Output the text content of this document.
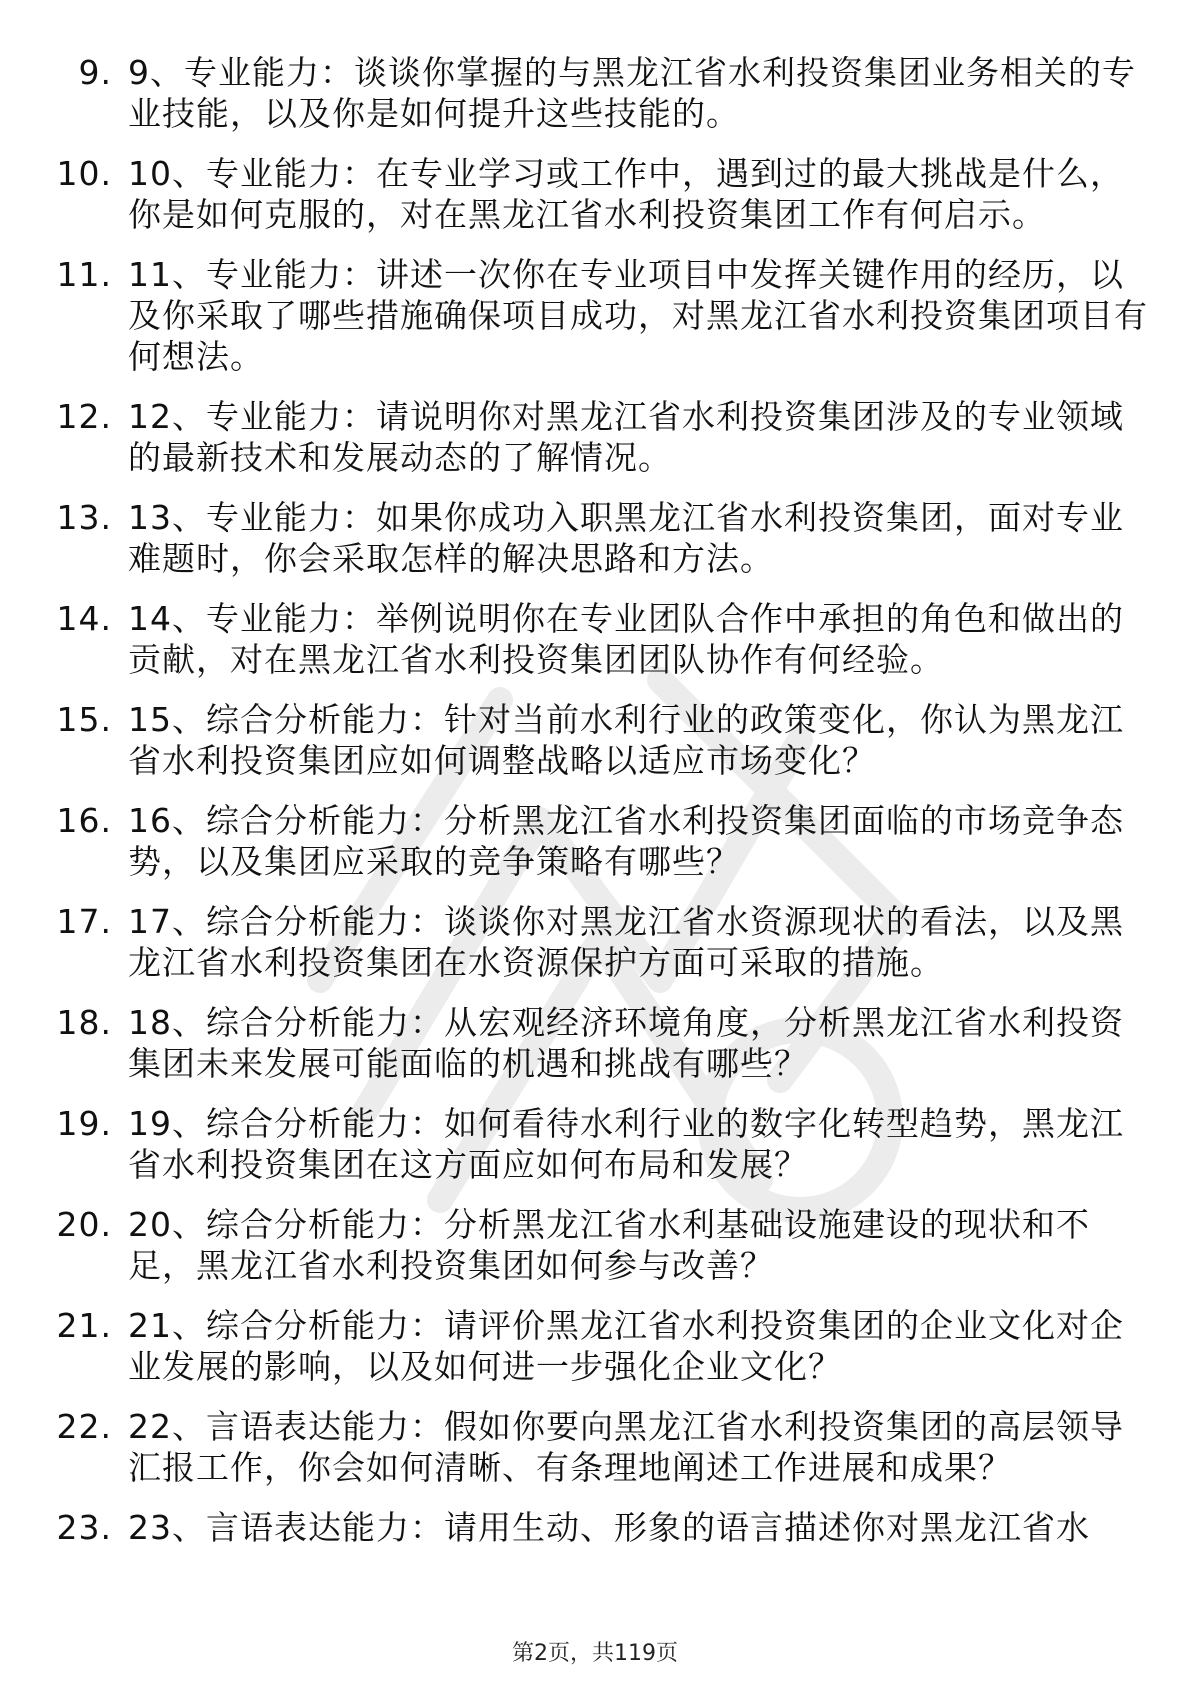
9. 9、专业能力：谈谈你掌握的与黑龙江省水利投资集团业务相关的专业技能，以及你是如何提升这些技能的。
10. 10、专业能力：在专业学习或工作中，遇到过的最大挑战是什么，你是如何克服的，对在黑龙江省水利投资集团工作有何启示。
11. 11、专业能力：讲述一次你在专业项目中发挥关键作用的经历，以及你采取了哪些措施确保项目成功，对黑龙江省水利投资集团项目有何想法。
12. 12、专业能力：请说明你对黑龙江省水利投资集团涉及的专业领域的最新技术和发展动态的了解情况。
13. 13、专业能力：如果你成功入职黑龙江省水利投资集团，面对专业难题时，你会采取怎样的解决思路和方法。
14. 14、专业能力：举例说明你在专业团队合作中承担的角色和做出的贡献，对在黑龙江省水利投资集团团队协作有何经验。
15. 15、综合分析能力：针对当前水利行业的政策变化，你认为黑龙江省水利投资集团应如何调整战略以适应市场变化？
16. 16、综合分析能力：分析黑龙江省水利投资集团面临的市场竞争态势，以及集团应采取的竞争策略有哪些？
17. 17、综合分析能力：谈谈你对黑龙江省水资源现状的看法，以及黑龙江省水利投资集团在水资源保护方面可采取的措施。
18. 18、综合分析能力：从宏观经济环境角度，分析黑龙江省水利投资集团未来发展可能面临的机遇和挑战有哪些？
19. 19、综合分析能力：如何看待水利行业的数字化转型趋势，黑龙江省水利投资集团在这方面应如何布局和发展？
20. 20、综合分析能力：分析黑龙江省水利基础设施建设的现状和不足，黑龙江省水利投资集团如何参与改善？
21. 21、综合分析能力：请评价黑龙江省水利投资集团的企业文化对企业发展的影响，以及如何进一步强化企业文化？
22. 22、言语表达能力：假如你要向黑龙江省水利投资集团的高层领导汇报工作，你会如何清晰、有条理地阐述工作进展和成果？
23. 23、言语表达能力：请用生动、形象的语言描述你对黑龙江省水
第2页，共119页
